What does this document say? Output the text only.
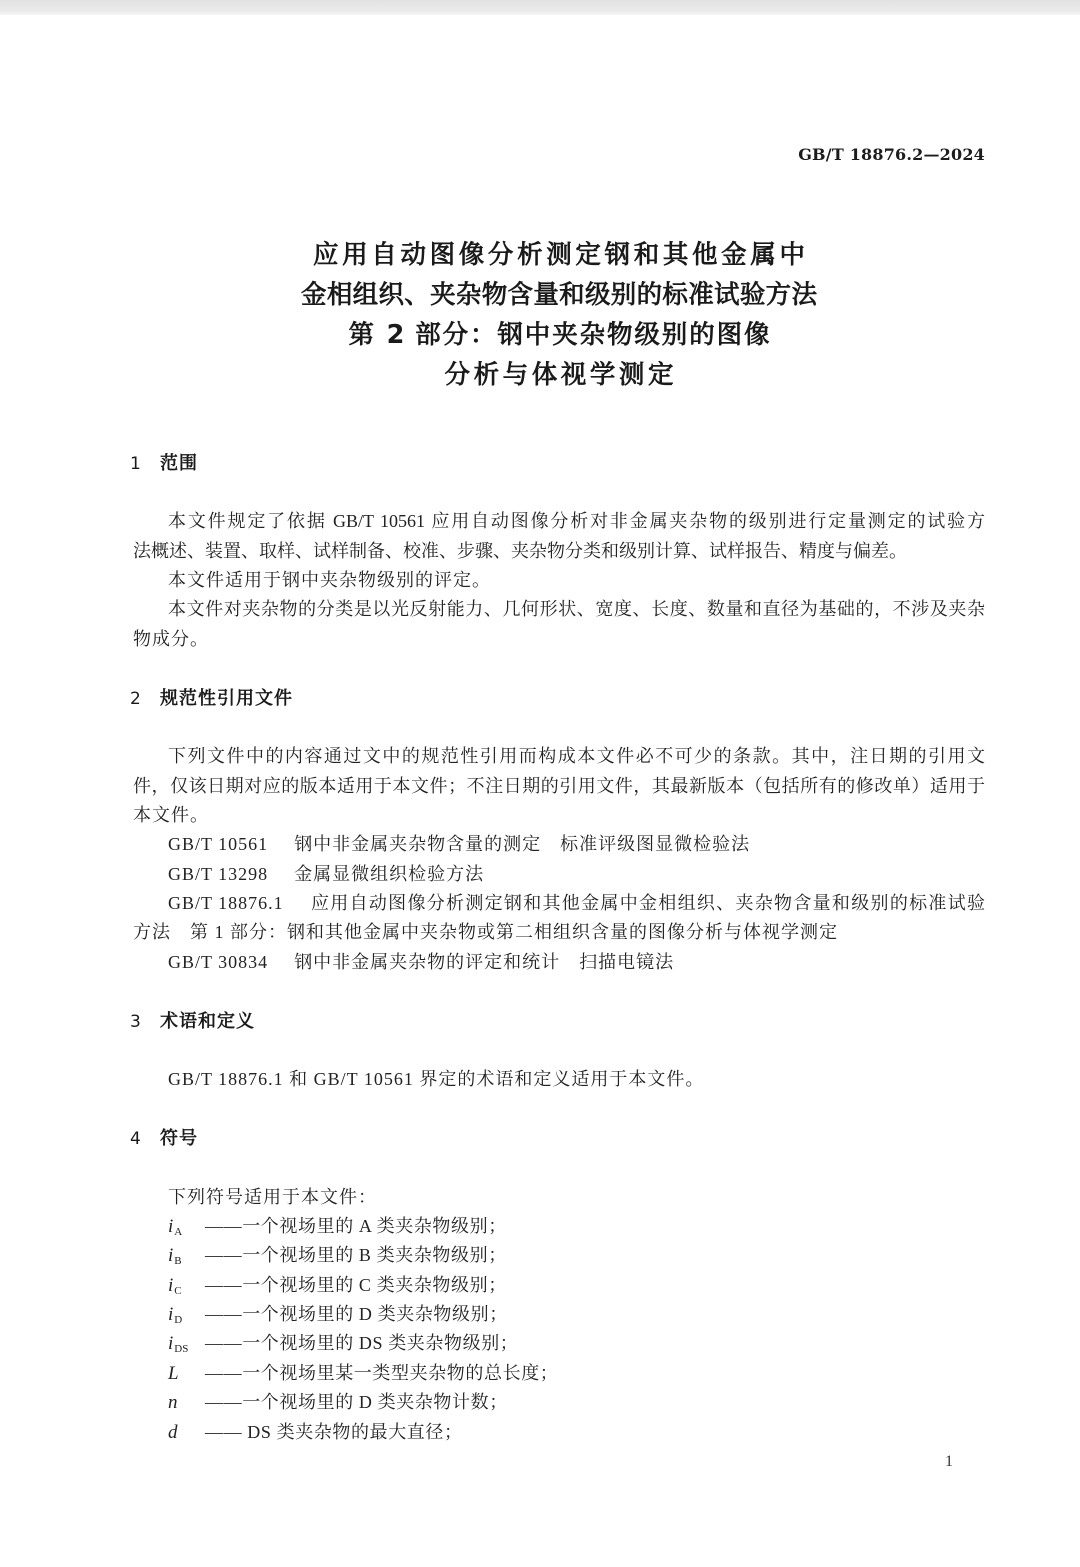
GB/T 18876.2—2024
应用自动图像分析测定钢和其他金属中
金相组织、夹杂物含量和级别的标准试验方法
第 2 部分：钢中夹杂物级别的图像
分析与体视学测定
1 范围
本文件规定了依据 GB/T 10561 应用自动图像分析对非金属夹杂物的级别进行定量测定的试验方
法概述、装置、取样、试样制备、校准、步骤、夹杂物分类和级别计算、试样报告、精度与偏差。
本文件适用于钢中夹杂物级别的评定。
本文件对夹杂物的分类是以光反射能力、几何形状、宽度、长度、数量和直径为基础的，不涉及夹杂
物成分。
2 规范性引用文件
下列文件中的内容通过文中的规范性引用而构成本文件必不可少的条款。其中，注日期的引用文
件，仅该日期对应的版本适用于本文件；不注日期的引用文件，其最新版本（包括所有的修改单）适用于
本文件。
GB/T 10561 钢中非金属夹杂物含量的测定　标准评级图显微检验法
GB/T 13298 金属显微组织检验方法
GB/T 18876.1 应用自动图像分析测定钢和其他金属中金相组织、夹杂物含量和级别的标准试验
方法　第 1 部分：钢和其他金属中夹杂物或第二相组织含量的图像分析与体视学测定
GB/T 30834 钢中非金属夹杂物的评定和统计　扫描电镜法
3 术语和定义
GB/T 18876.1 和 GB/T 10561 界定的术语和定义适用于本文件。
4 符号
下列符号适用于本文件：
iA ——一个视场里的 A 类夹杂物级别；
iB ——一个视场里的 B 类夹杂物级别；
iC ——一个视场里的 C 类夹杂物级别；
iD ——一个视场里的 D 类夹杂物级别；
iDS ——一个视场里的 DS 类夹杂物级别；
L ——一个视场里某一类型夹杂物的总长度；
n ——一个视场里的 D 类夹杂物计数；
d —— DS 类夹杂物的最大直径；
1
